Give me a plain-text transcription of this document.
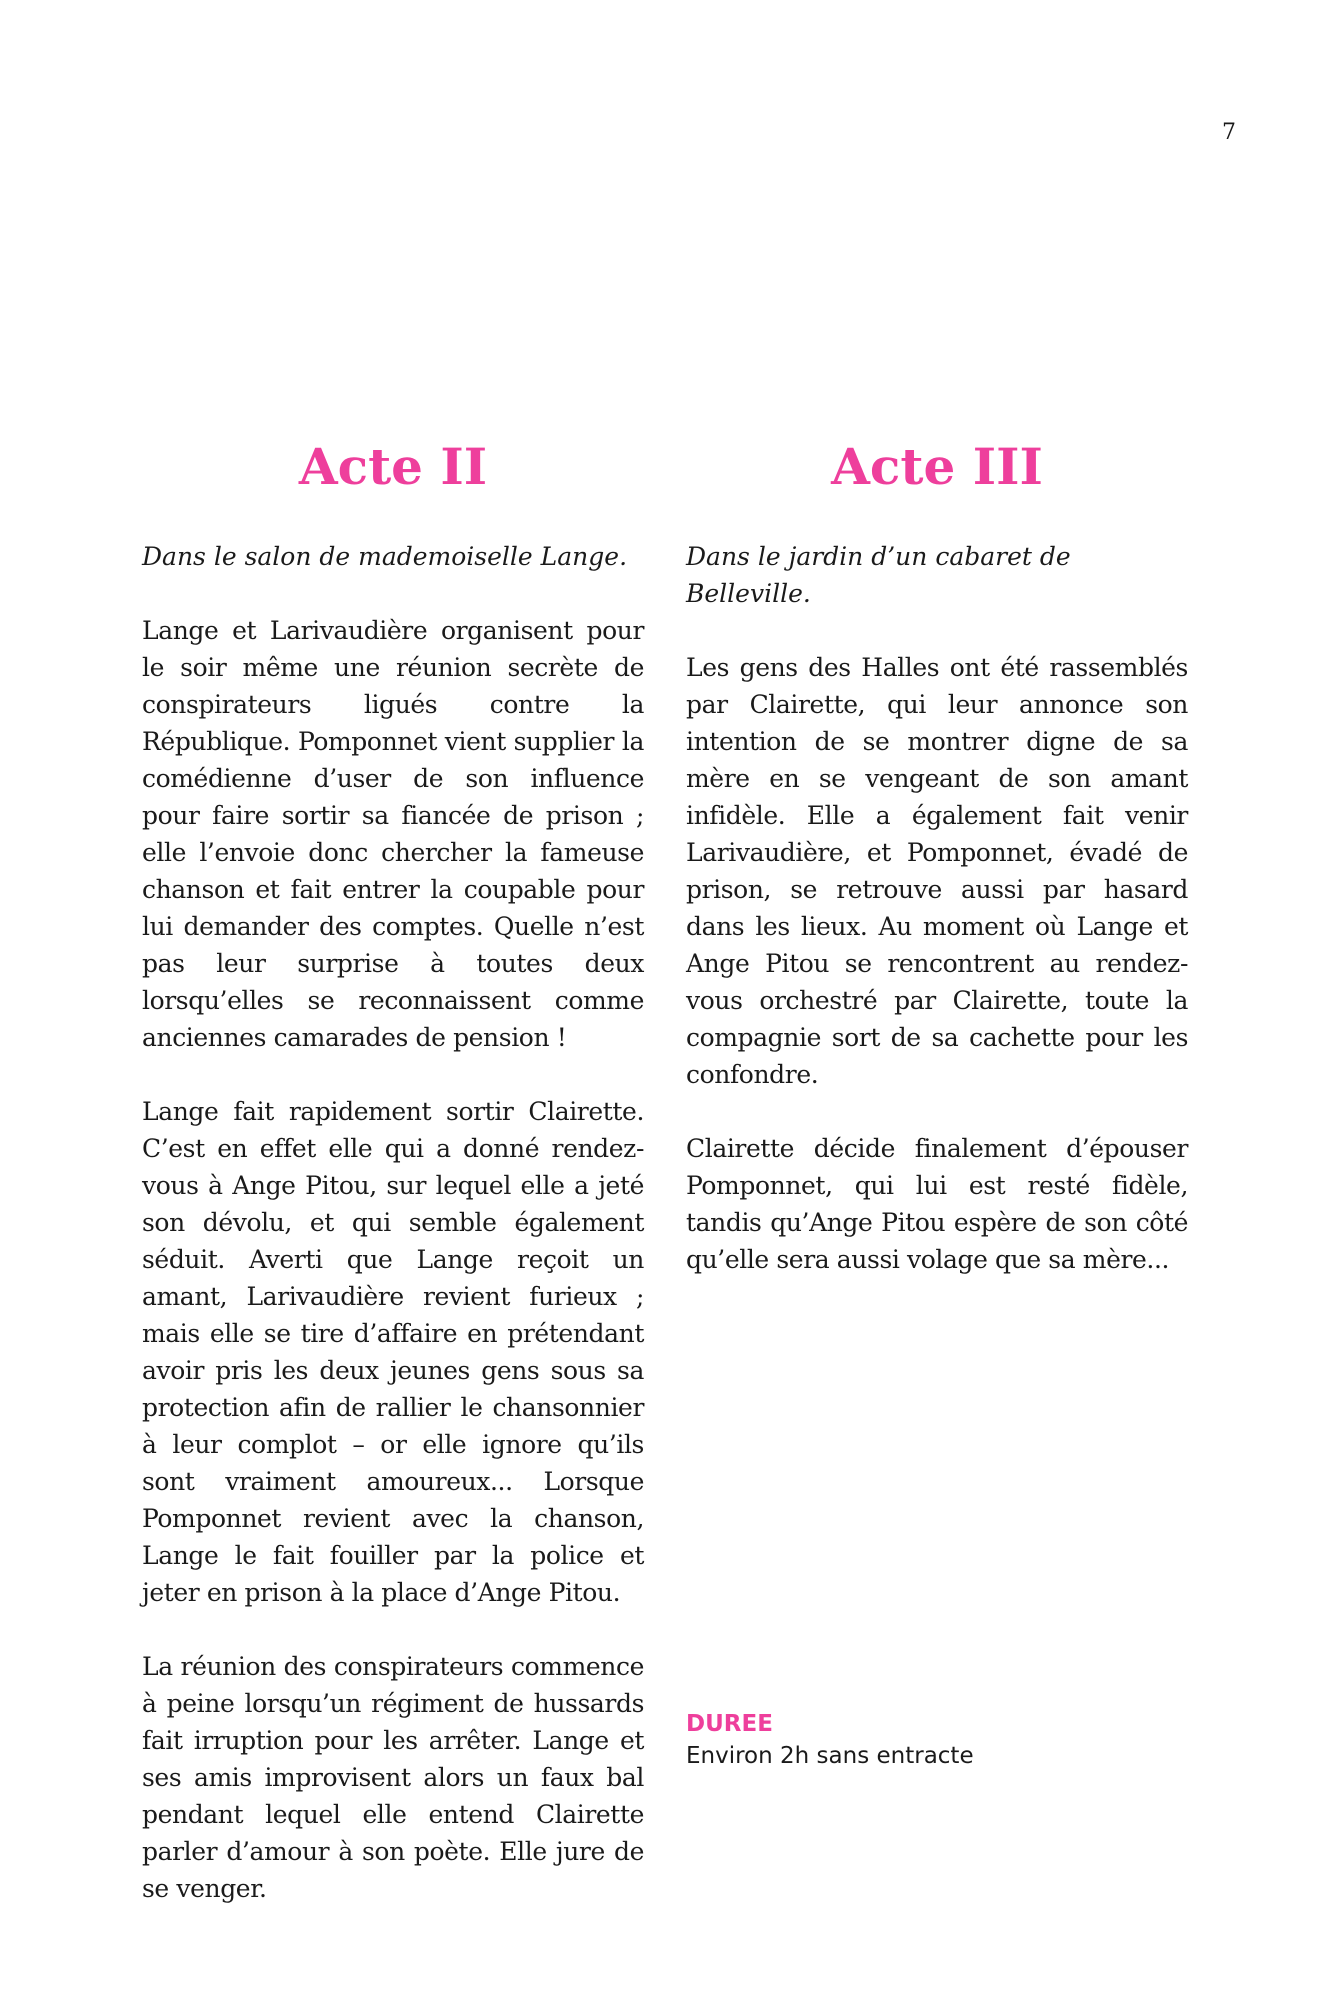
7
Acte II

Dans le salon de mademoiselle Lange.

Lange et Larivaudière organisent pour le soir même une réunion secrète de conspirateurs ligués contre la République. Pomponnet vient supplier la comédienne d’user de son influence pour faire sortir sa fiancée de prison ; elle l’envoie donc chercher la fameuse chanson et fait entrer la coupable pour lui demander des comptes. Quelle n’est pas leur surprise à toutes deux lorsqu’elles se reconnaissent comme anciennes camarades de pension !

Lange fait rapidement sortir Clairette. C’est en effet elle qui a donné rendez-vous à Ange Pitou, sur lequel elle a jeté son dévolu, et qui semble également séduit. Averti que Lange reçoit un amant, Larivaudière revient furieux ; mais elle se tire d’affaire en prétendant avoir pris les deux jeunes gens sous sa protection afin de rallier le chansonnier à leur complot – or elle ignore qu’ils sont vraiment amoureux... Lorsque Pomponnet revient avec la chanson, Lange le fait fouiller par la police et jeter en prison à la place d’Ange Pitou.

La réunion des conspirateurs commence à peine lorsqu’un régiment de hussards fait irruption pour les arrêter. Lange et ses amis improvisent alors un faux bal pendant lequel elle entend Clairette parler d’amour à son poète. Elle jure de se venger.

Acte III

Dans le jardin d’un cabaret de Belleville.

Les gens des Halles ont été rassemblés par Clairette, qui leur annonce son intention de se montrer digne de sa mère en se vengeant de son amant infidèle. Elle a également fait venir Larivaudière, et Pomponnet, évadé de prison, se retrouve aussi par hasard dans les lieux. Au moment où Lange et Ange Pitou se rencontrent au rendez-vous orchestré par Clairette, toute la compagnie sort de sa cachette pour les confondre.

Clairette décide finalement d’épouser Pomponnet, qui lui est resté fidèle, tandis qu’Ange Pitou espère de son côté qu’elle sera aussi volage que sa mère...

DUREE
Environ 2h sans entracte
